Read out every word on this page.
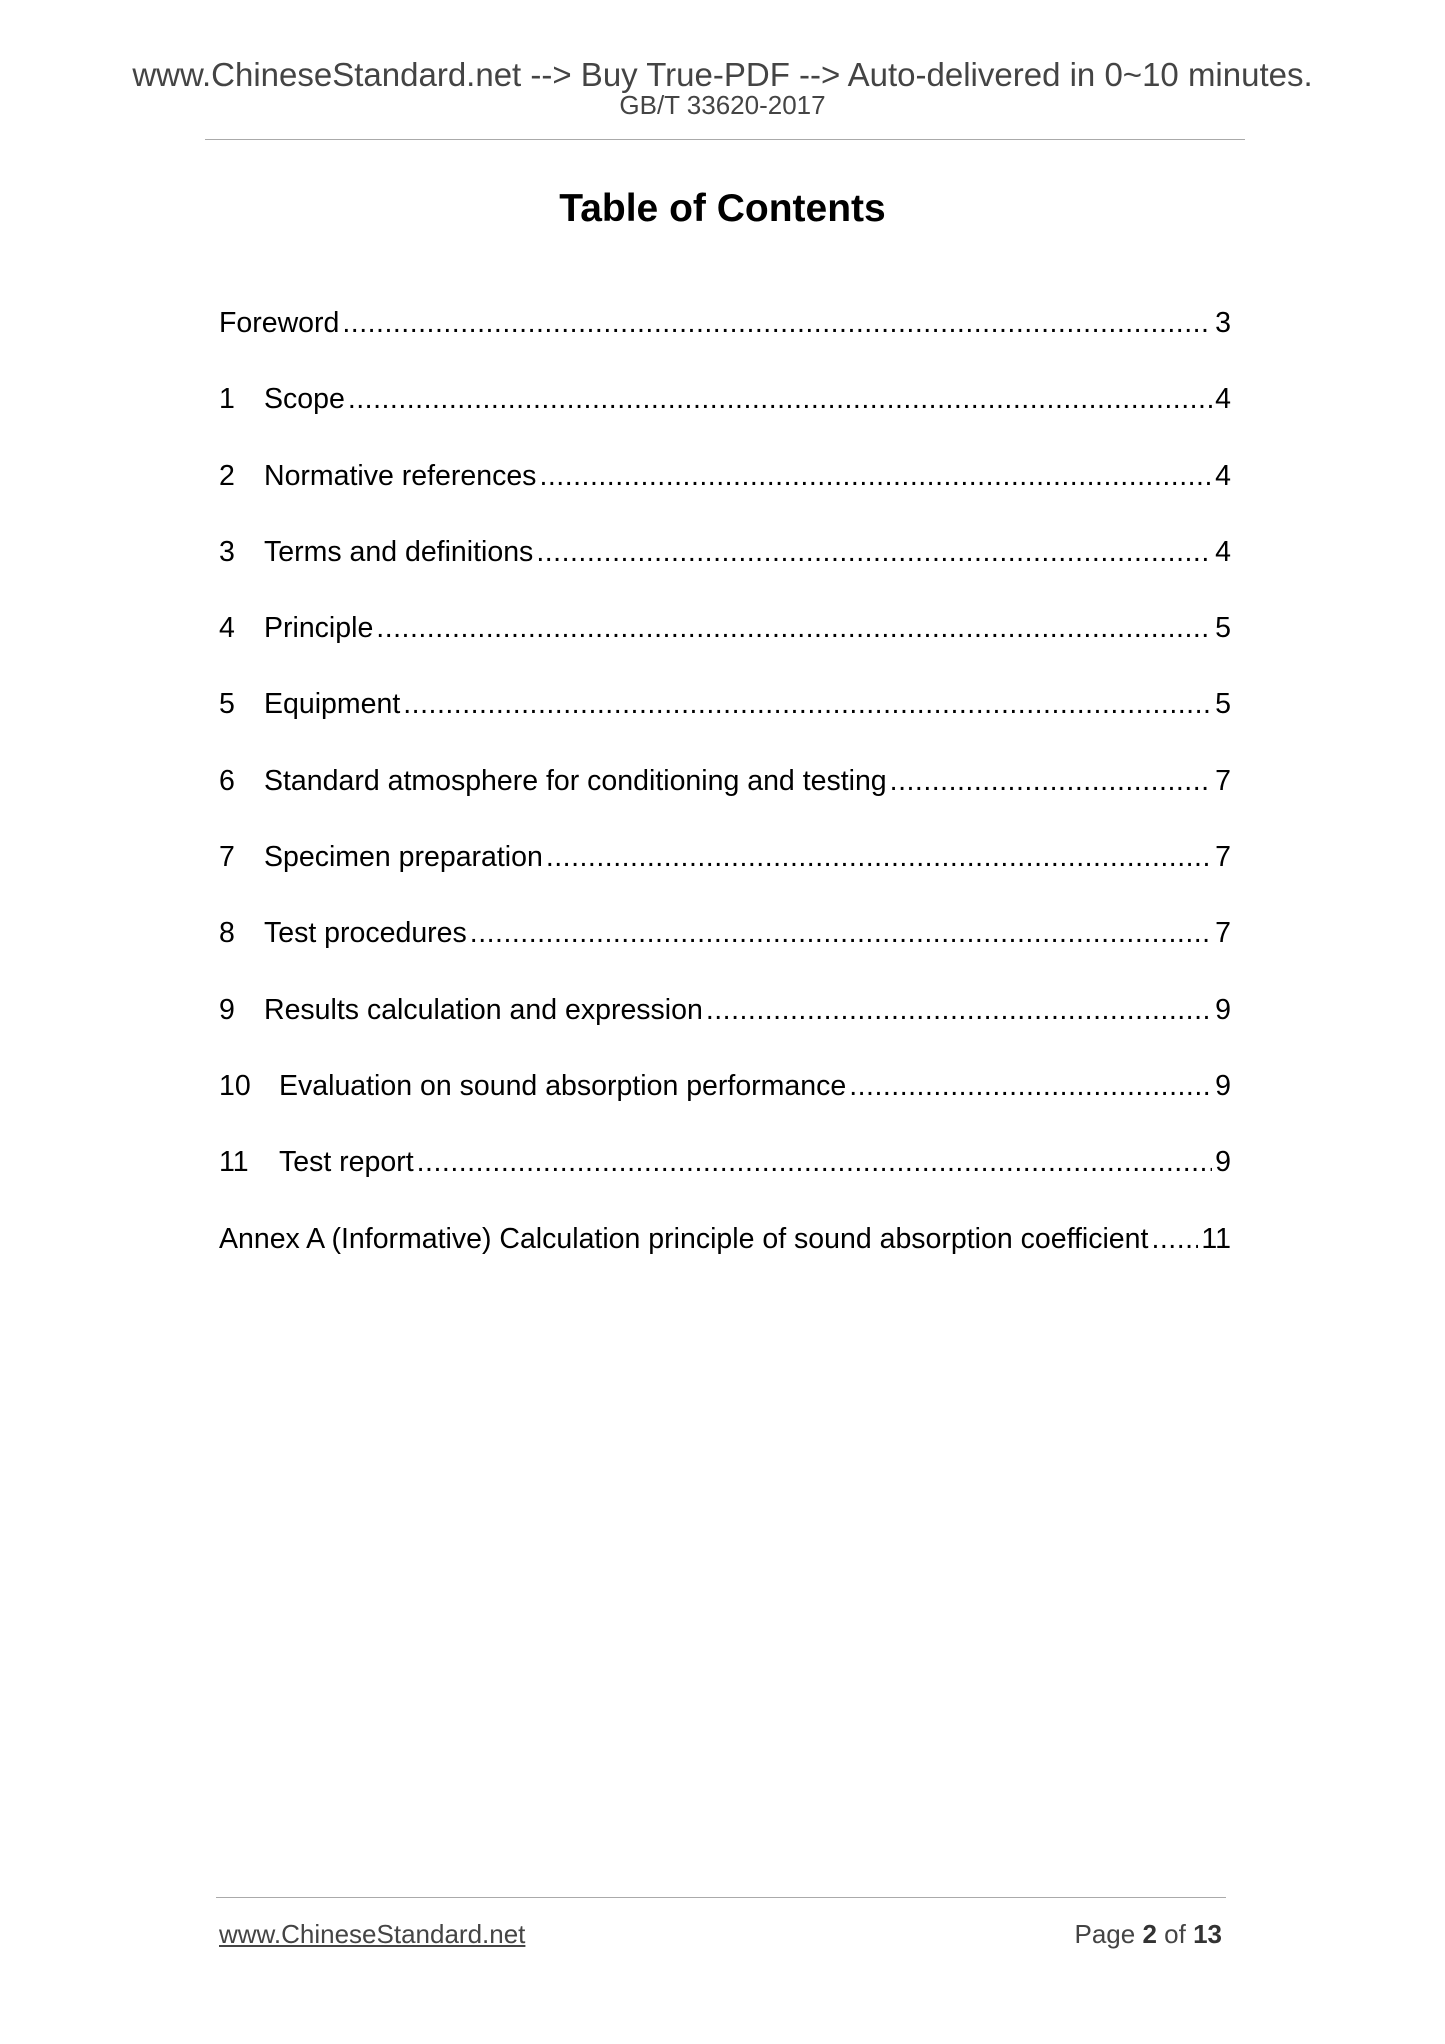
www.ChineseStandard.net --> Buy True-PDF --> Auto-delivered in 0~10 minutes.
GB/T 33620-2017
Table of Contents
Foreword .....	3
1	Scope .....	4
2	Normative references .....	4
3	Terms and definitions .....	4
4	Principle .....	5
5	Equipment .....	5
6	Standard atmosphere for conditioning and testing .....	7
7	Specimen preparation .....	7
8	Test procedures .....	7
9	Results calculation and expression .....	9
10 Evaluation on sound absorption performance .....	9
11	Test report .....	9
Annex A (Informative) Calculation principle of sound absorption coefficient ..... 11
www.ChineseStandard.net	Page 2 of 13
